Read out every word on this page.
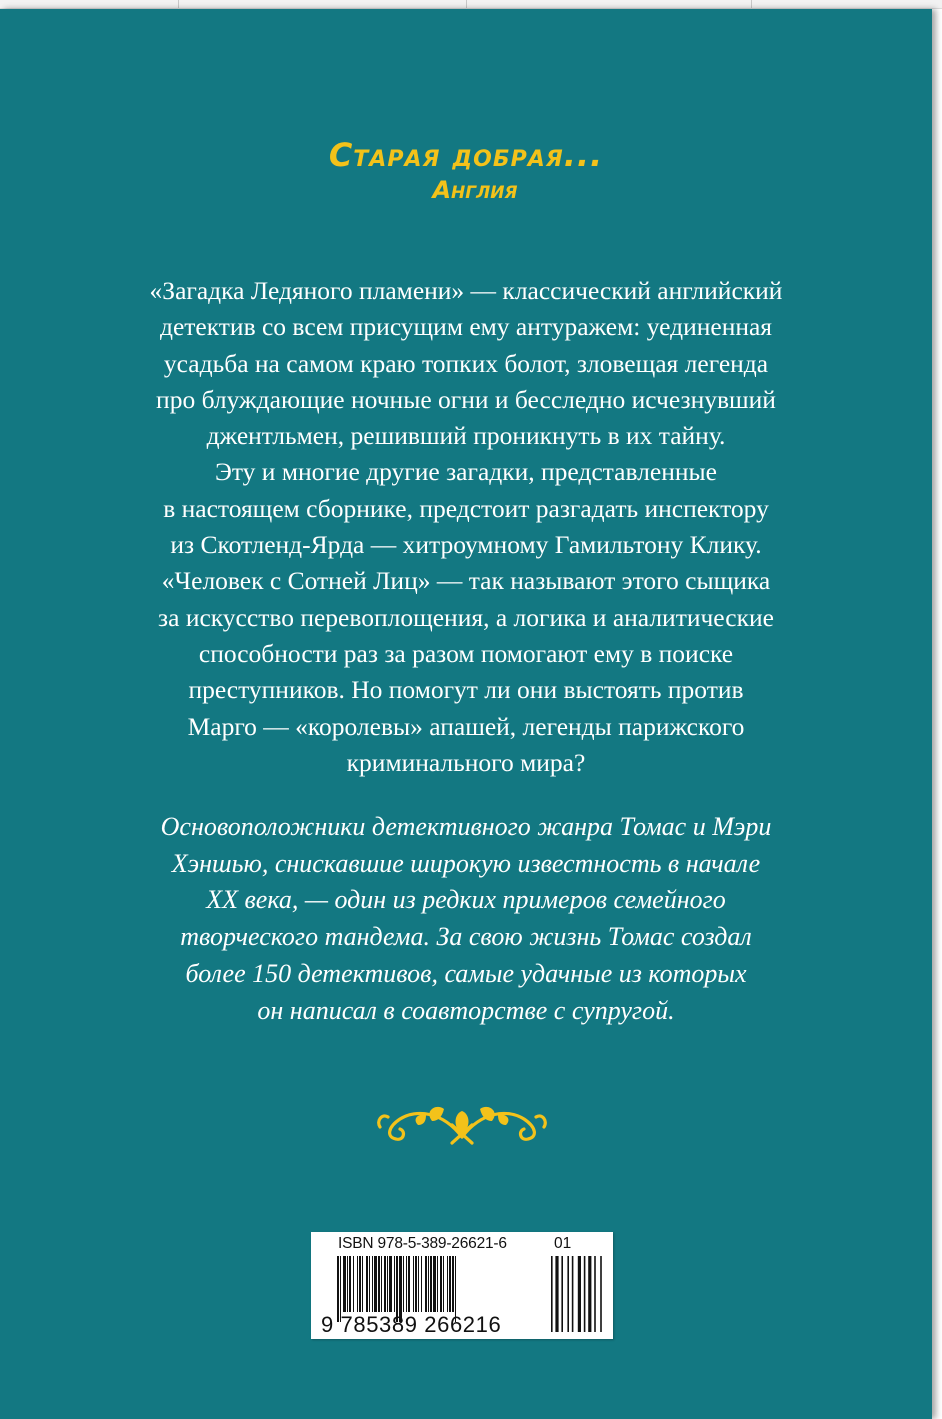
Старая добрая...
Англия

«Загадка Ледяного пламени» — классический английский

детектив со всем присущим ему антуражем: уединенная

усадьба на самом краю топких болот, зловещая легенда

про блуждающие ночные огни и бесследно исчезнувший

джентльмен, решивший проникнуть в их тайну.

Эту и многие другие загадки, представленные

в настоящем сборнике, предстоит разгадать инспектору

из Скотленд-Ярда — хитроумному Гамильтону Клику.

«Человек с Сотней Лиц» — так называют этого сыщика

за искусство перевоплощения, а логика и аналитические

способности раз за разом помогают ему в поиске

преступников. Но помогут ли они выстоять против

Марго — «королевы» апашей, легенды парижского

криминального мира?

Основоположники детективного жанра Томас и Мэри

Хэншью, снискавшие широкую известность в начале

XX века, — один из редких примеров семейного

творческого тандема. За свою жизнь Томас создал

более 150 детективов, самые удачные из которых

он написал в соавторстве с супругой.

ISBN 978-5-389-26621-6	01
9 785389 266216
